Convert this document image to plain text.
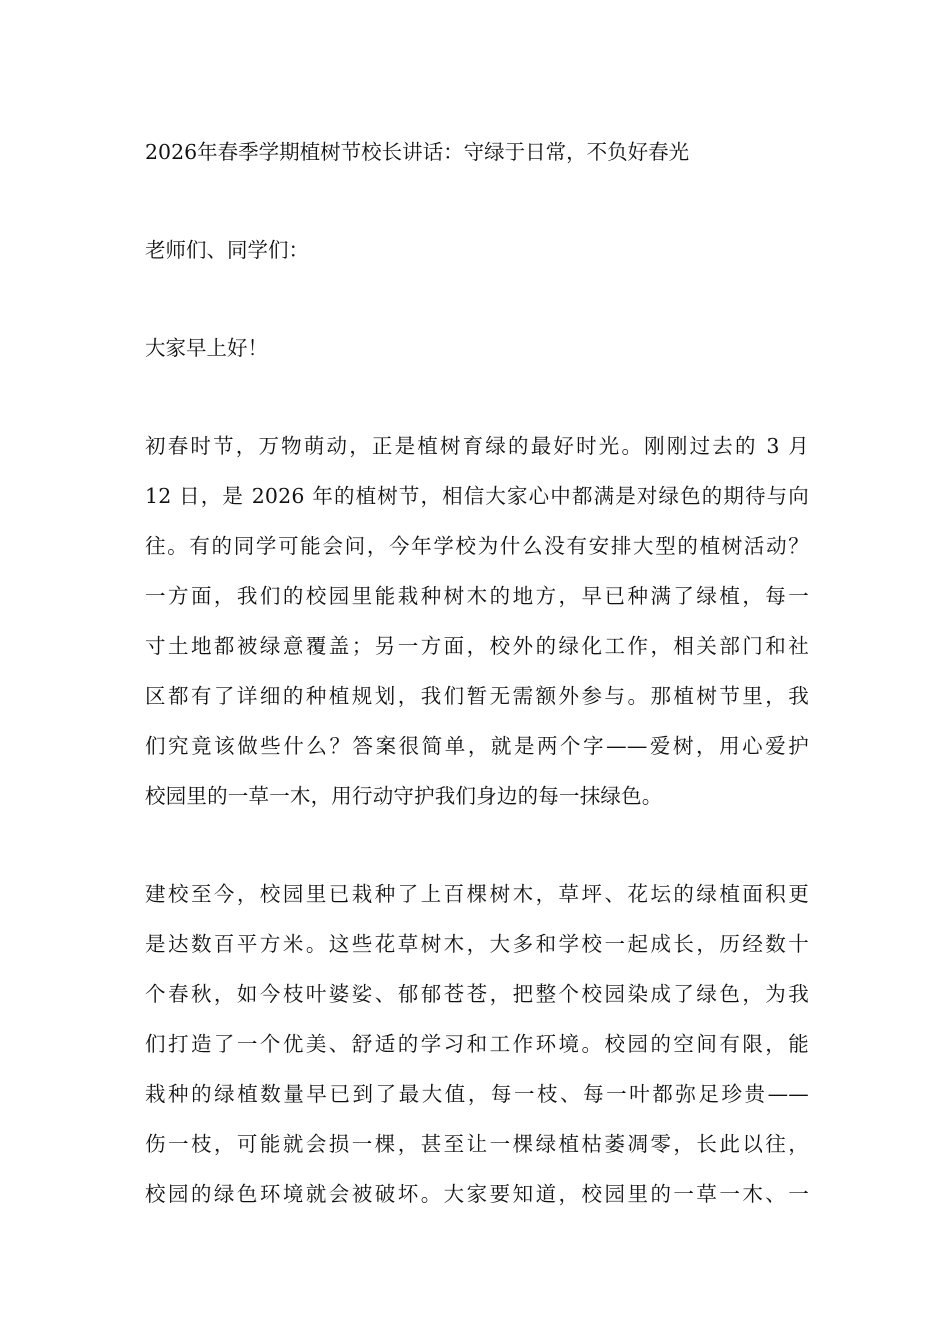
2026年春季学期植树节校长讲话：守绿于日常，不负好春光
老师们、同学们：
大家早上好！
初春时节，万物萌动，正是植树育绿的最好时光。刚刚过去的 3 月
12 日，是 2026 年的植树节，相信大家心中都满是对绿色的期待与向
往。有的同学可能会问，今年学校为什么没有安排大型的植树活动？
一方面，我们的校园里能栽种树木的地方，早已种满了绿植，每一
寸土地都被绿意覆盖；另一方面，校外的绿化工作，相关部门和社
区都有了详细的种植规划，我们暂无需额外参与。那植树节里，我
们究竟该做些什么？答案很简单，就是两个字——爱树，用心爱护
校园里的一草一木，用行动守护我们身边的每一抹绿色。
建校至今，校园里已栽种了上百棵树木，草坪、花坛的绿植面积更
是达数百平方米。这些花草树木，大多和学校一起成长，历经数十
个春秋，如今枝叶婆娑、郁郁苍苍，把整个校园染成了绿色，为我
们打造了一个优美、舒适的学习和工作环境。校园的空间有限，能
栽种的绿植数量早已到了最大值，每一枝、每一叶都弥足珍贵——
伤一枝，可能就会损一棵，甚至让一棵绿植枯萎凋零，长此以往，
校园的绿色环境就会被破坏。大家要知道，校园里的一草一木、一
